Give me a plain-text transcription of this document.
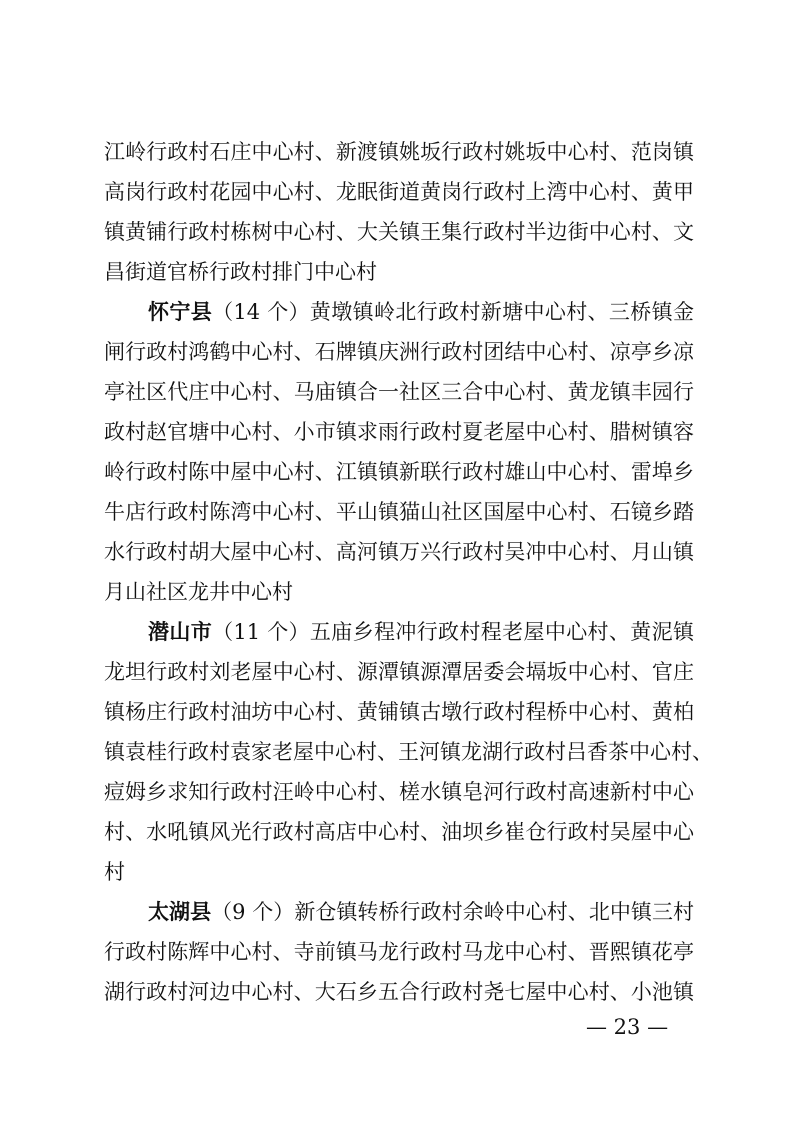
江岭行政村石庄中心村、新渡镇姚坂行政村姚坂中心村、范岗镇
高岗行政村花园中心村、龙眠街道黄岗行政村上湾中心村、黄甲
镇黄铺行政村栋树中心村、大关镇王集行政村半边街中心村、文
昌街道官桥行政村排门中心村
怀宁县（14 个）黄墩镇岭北行政村新塘中心村、三桥镇金
闸行政村鸿鹤中心村、石牌镇庆洲行政村团结中心村、凉亭乡凉
亭社区代庄中心村、马庙镇合一社区三合中心村、黄龙镇丰园行
政村赵官塘中心村、小市镇求雨行政村夏老屋中心村、腊树镇容
岭行政村陈中屋中心村、江镇镇新联行政村雄山中心村、雷埠乡
牛店行政村陈湾中心村、平山镇猫山社区国屋中心村、石镜乡踏
水行政村胡大屋中心村、高河镇万兴行政村吴冲中心村、月山镇
月山社区龙井中心村
潜山市（11 个）五庙乡程冲行政村程老屋中心村、黄泥镇
龙坦行政村刘老屋中心村、源潭镇源潭居委会塥坂中心村、官庄
镇杨庄行政村油坊中心村、黄铺镇古墩行政村程桥中心村、黄柏
镇袁桂行政村袁家老屋中心村、王河镇龙湖行政村吕香茶中心村、
痘姆乡求知行政村汪岭中心村、槎水镇皂河行政村高速新村中心
村、水吼镇风光行政村高店中心村、油坝乡崔仓行政村吴屋中心
村
太湖县（9 个）新仓镇转桥行政村余岭中心村、北中镇三村
行政村陈辉中心村、寺前镇马龙行政村马龙中心村、晋熙镇花亭
湖行政村河边中心村、大石乡五合行政村尧七屋中心村、小池镇
— 23 —
